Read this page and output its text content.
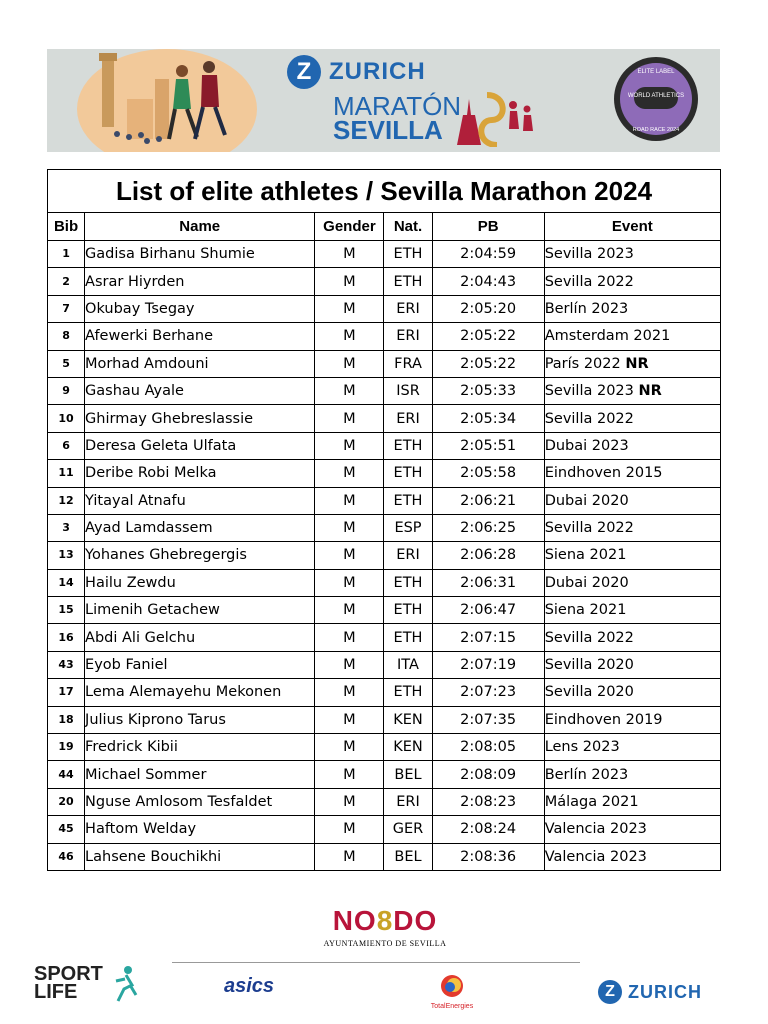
Z ZURICH
MARATÓN
SEVILLA
WORLD ATHLETICS
ELITE LABEL
ROAD RACE 2024
List of elite athletes / Sevilla Marathon 2024
Bib	Name	Gender	Nat.	PB	Event
1	Gadisa Birhanu Shumie	M	ETH	2:04:59	Sevilla 2023
2	Asrar Hiyrden	M	ETH	2:04:43	Sevilla 2022
7	Okubay Tsegay	M	ERI	2:05:20	Berlín 2023
8	Afewerki Berhane	M	ERI	2:05:22	Amsterdam 2021
5	Morhad Amdouni	M	FRA	2:05:22	París 2022 NR
9	Gashau Ayale	M	ISR	2:05:33	Sevilla 2023 NR
10	Ghirmay Ghebreslassie	M	ERI	2:05:34	Sevilla 2022
6	Deresa Geleta Ulfata	M	ETH	2:05:51	Dubai 2023
11	Deribe Robi Melka	M	ETH	2:05:58	Eindhoven 2015
12	Yitayal Atnafu	M	ETH	2:06:21	Dubai 2020
3	Ayad Lamdassem	M	ESP	2:06:25	Sevilla 2022
13	Yohanes Ghebregergis	M	ERI	2:06:28	Siena 2021
14	Hailu Zewdu	M	ETH	2:06:31	Dubai 2020
15	Limenih Getachew	M	ETH	2:06:47	Siena 2021
16	Abdi Ali Gelchu	M	ETH	2:07:15	Sevilla 2022
43	Eyob Faniel	M	ITA	2:07:19	Sevilla 2020
17	Lema Alemayehu Mekonen	M	ETH	2:07:23	Sevilla 2020
18	Julius Kiprono Tarus	M	KEN	2:07:35	Eindhoven 2019
19	Fredrick Kibii	M	KEN	2:08:05	Lens 2023
44	Michael Sommer	M	BEL	2:08:09	Berlín 2023
20	Nguse Amlosom Tesfaldet	M	ERI	2:08:23	Málaga 2021
45	Haftom Welday	M	GER	2:08:24	Valencia 2023
46	Lahsene Bouchikhi	M	BEL	2:08:36	Valencia 2023
NO8DO
AYUNTAMIENTO DE SEVILLA
SPORT
LIFE	asics
TotalEnergies
Z ZURICH
